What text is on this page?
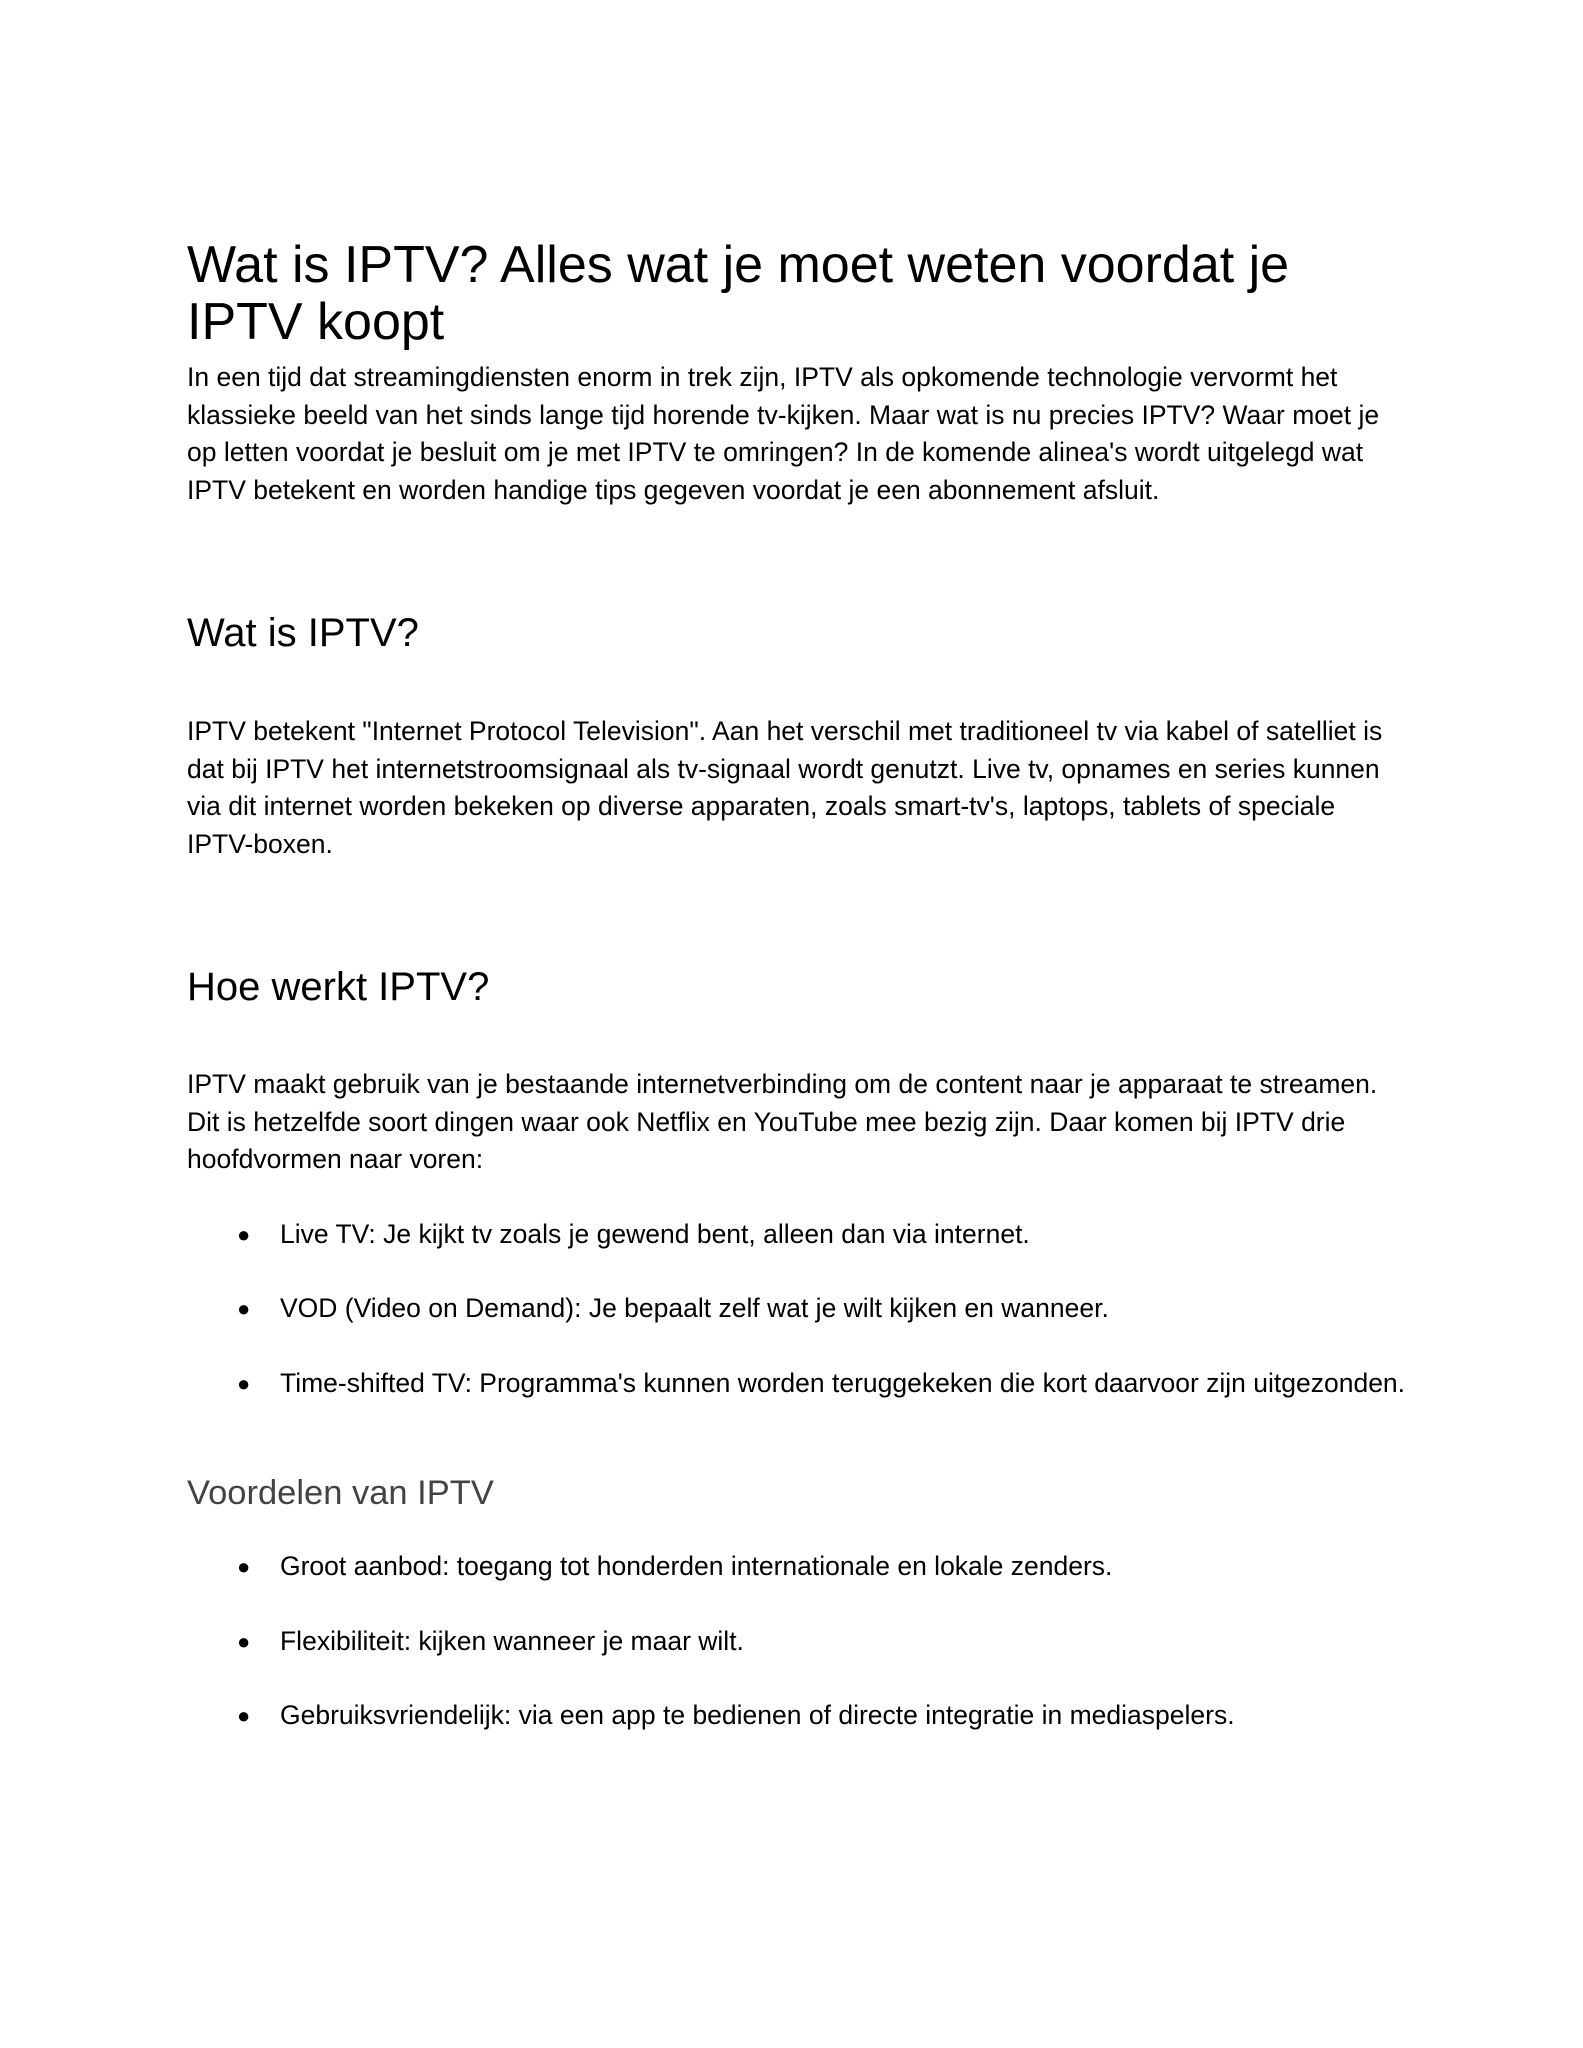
Wat is IPTV? Alles wat je moet weten voordat je IPTV koopt

In een tijd dat streamingdiensten enorm in trek zijn, IPTV als opkomende technologie vervormt het klassieke beeld van het sinds lange tijd horende tv-kijken. Maar wat is nu precies IPTV? Waar moet je op letten voordat je besluit om je met IPTV te omringen? In de komende alinea's wordt uitgelegd wat IPTV betekent en worden handige tips gegeven voordat je een abonnement afsluit.

Wat is IPTV?

IPTV betekent "Internet Protocol Television". Aan het verschil met traditioneel tv via kabel of satelliet is dat bij IPTV het internetstroomsignaal als tv-signaal wordt genutzt. Live tv, opnames en series kunnen via dit internet worden bekeken op diverse apparaten, zoals smart-tv's, laptops, tablets of speciale IPTV-boxen.

Hoe werkt IPTV?

IPTV maakt gebruik van je bestaande internetverbinding om de content naar je apparaat te streamen. Dit is hetzelfde soort dingen waar ook Netflix en YouTube mee bezig zijn. Daar komen bij IPTV drie hoofdvormen naar voren:

● Live TV: Je kijkt tv zoals je gewend bent, alleen dan via internet.
● VOD (Video on Demand): Je bepaalt zelf wat je wilt kijken en wanneer.
● Time-shifted TV: Programma's kunnen worden teruggekeken die kort daarvoor zijn uitgezonden.
Voordelen van IPTV
● Groot aanbod: toegang tot honderden internationale en lokale zenders.
● Flexibiliteit: kijken wanneer je maar wilt.
● Gebruiksvriendelijk: via een app te bedienen of directe integratie in mediaspelers.
